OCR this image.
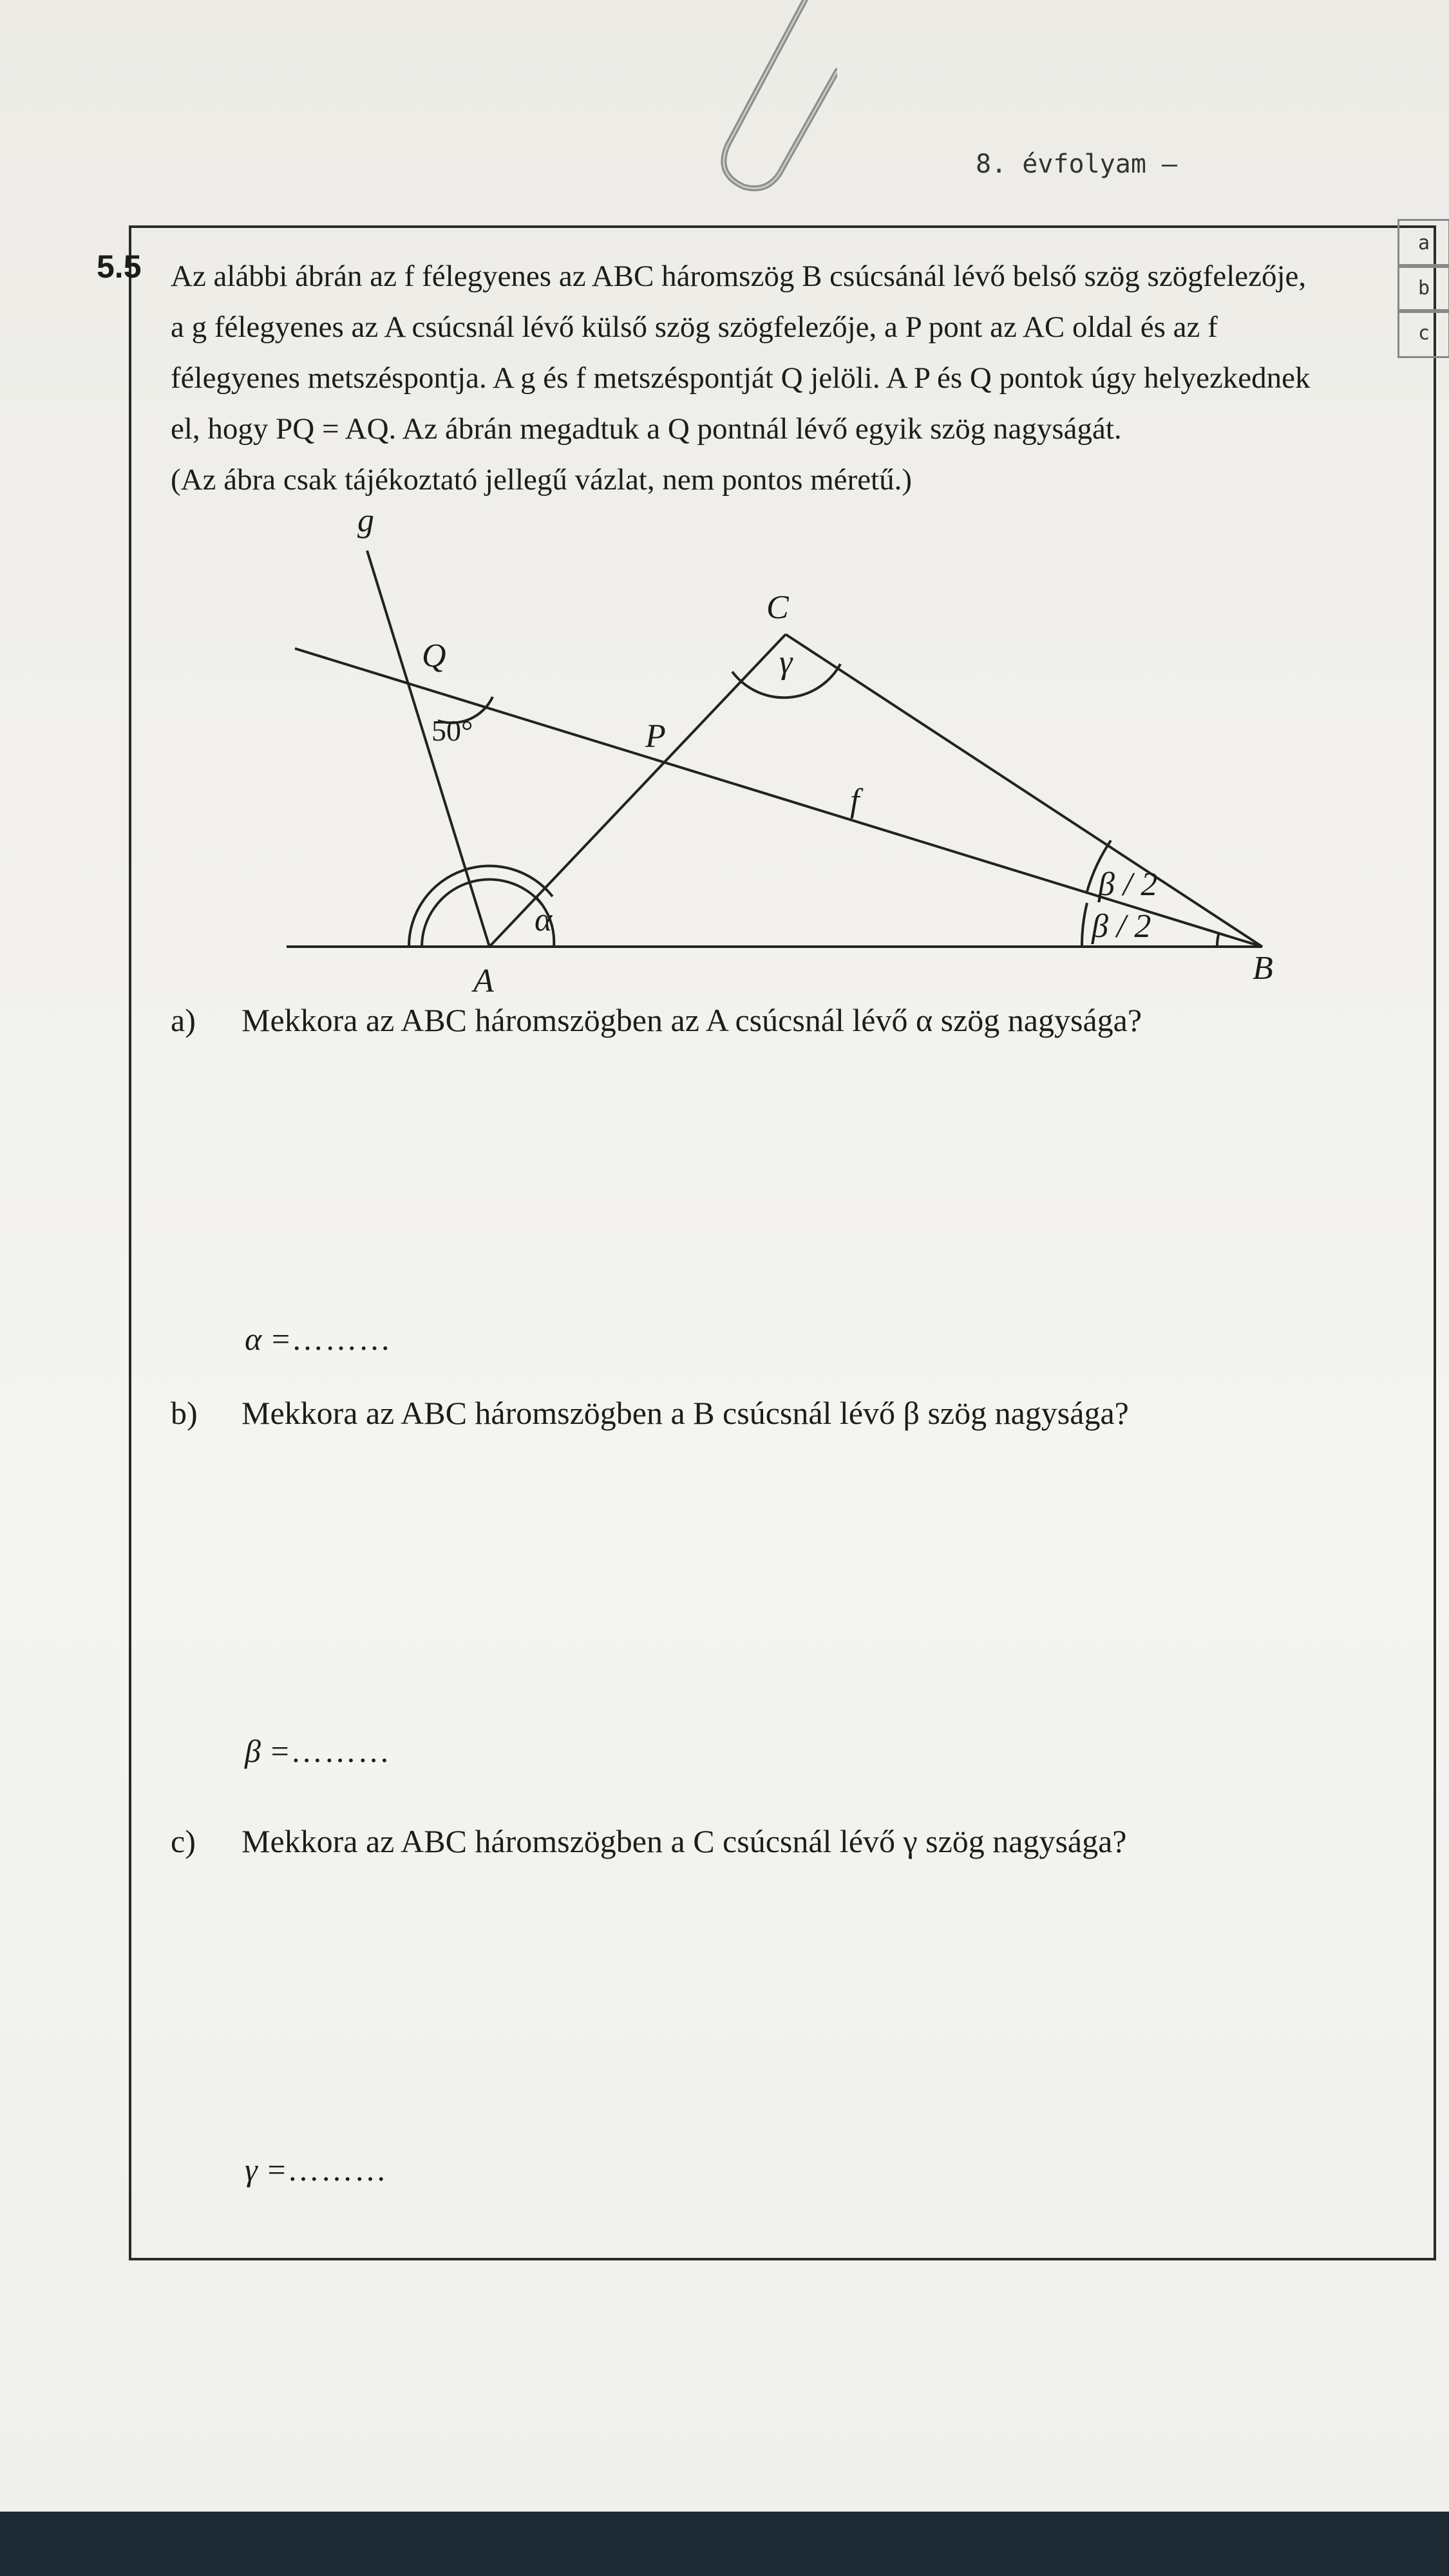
8. évfolyam —
5.5
a
b
c

Az alábbi ábrán az f félegyenes az ABC háromszög B csúcsánál lévő belső szög szögfelezője,

a g félegyenes az A csúcsnál lévő külső szög szögfelezője, a P pont az AC oldal és az f

félegyenes metszéspontja. A g és f metszéspontját Q jelöli. A P és Q pontok úgy helyezkednek

el, hogy PQ = AQ. Az ábrán megadtuk a Q pontnál lévő egyik szög nagyságát.

(Az ábra csak tájékoztató jellegű vázlat, nem pontos méretű.)

g
Q
C
P
f
A	B
γ
α
β / 2
β / 2
50°
a) Mekkora az ABC háromszögben az A csúcsnál lévő α szög nagysága?
α =………
b) Mekkora az ABC háromszögben a B csúcsnál lévő β szög nagysága?
β =………
c) Mekkora az ABC háromszögben a C csúcsnál lévő γ szög nagysága?
γ =………
